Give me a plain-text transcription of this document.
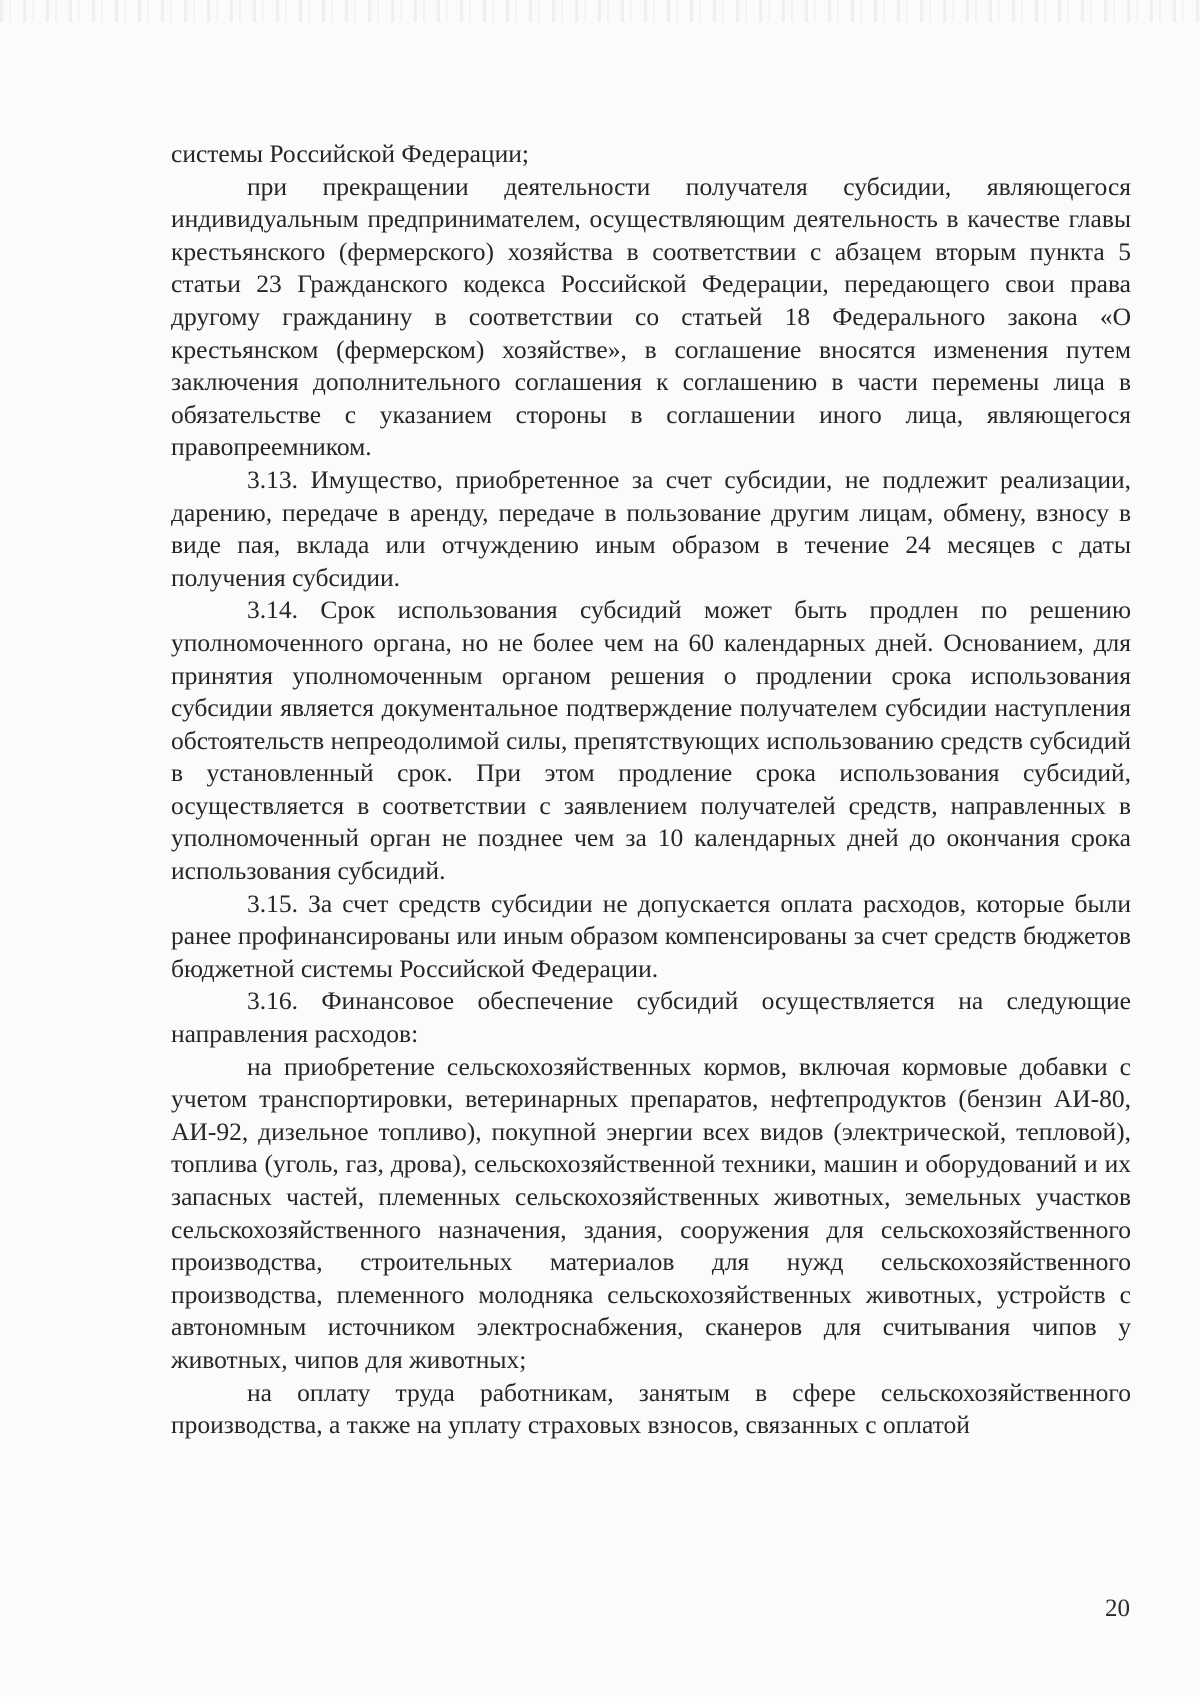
системы Российской Федерации;

при прекращении деятельности получателя субсидии, являющегося индивидуальным предпринимателем, осуществляющим деятельность в качестве главы крестьянского (фермерского) хозяйства в соответствии с абзацем вторым пункта 5 статьи 23 Гражданского кодекса Российской Федерации, передающего свои права другому гражданину в соответствии со статьей 18 Федерального закона «О крестьянском (фермерском) хозяйстве», в соглашение вносятся изменения путем заключения дополнительного соглашения к соглашению в части перемены лица в обязательстве с указанием стороны в соглашении иного лица, являющегося правопреемником.

3.13. Имущество, приобретенное за счет субсидии, не подлежит реализации, дарению, передаче в аренду, передаче в пользование другим лицам, обмену, взносу в виде пая, вклада или отчуждению иным образом в течение 24 месяцев с даты получения субсидии.

3.14. Срок использования субсидий может быть продлен по решению уполномоченного органа, но не более чем на 60 календарных дней. Основанием, для принятия уполномоченным органом решения о продлении срока использования субсидии является документальное подтверждение получателем субсидии наступления обстоятельств непреодолимой силы, препятствующих использованию средств субсидий в установленный срок. При этом продление срока использования субсидий, осуществляется в соответствии с заявлением получателей средств, направленных в уполномоченный орган не позднее чем за 10 календарных дней до окончания срока использования субсидий.

3.15. За счет средств субсидии не допускается оплата расходов, которые были ранее профинансированы или иным образом компенсированы за счет средств бюджетов бюджетной системы Российской Федерации.

3.16. Финансовое обеспечение субсидий осуществляется на следующие направления расходов:

на приобретение сельскохозяйственных кормов, включая кормовые добавки с учетом транспортировки, ветеринарных препаратов, нефтепродуктов (бензин АИ-80, АИ-92, дизельное топливо), покупной энергии всех видов (электрической, тепловой), топлива (уголь, газ, дрова), сельскохозяйственной техники, машин и оборудований и их запасных частей, племенных сельскохозяйственных животных, земельных участков сельскохозяйственного назначения, здания, сооружения для сельскохозяйственного производства, строительных материалов для нужд сельскохозяйственного производства, племенного молодняка сельскохозяйственных животных, устройств с автономным источником электроснабжения, сканеров для считывания чипов у животных, чипов для животных;

на оплату труда работникам, занятым в сфере сельскохозяйственного производства, а также на уплату страховых взносов, связанных с оплатой

20
